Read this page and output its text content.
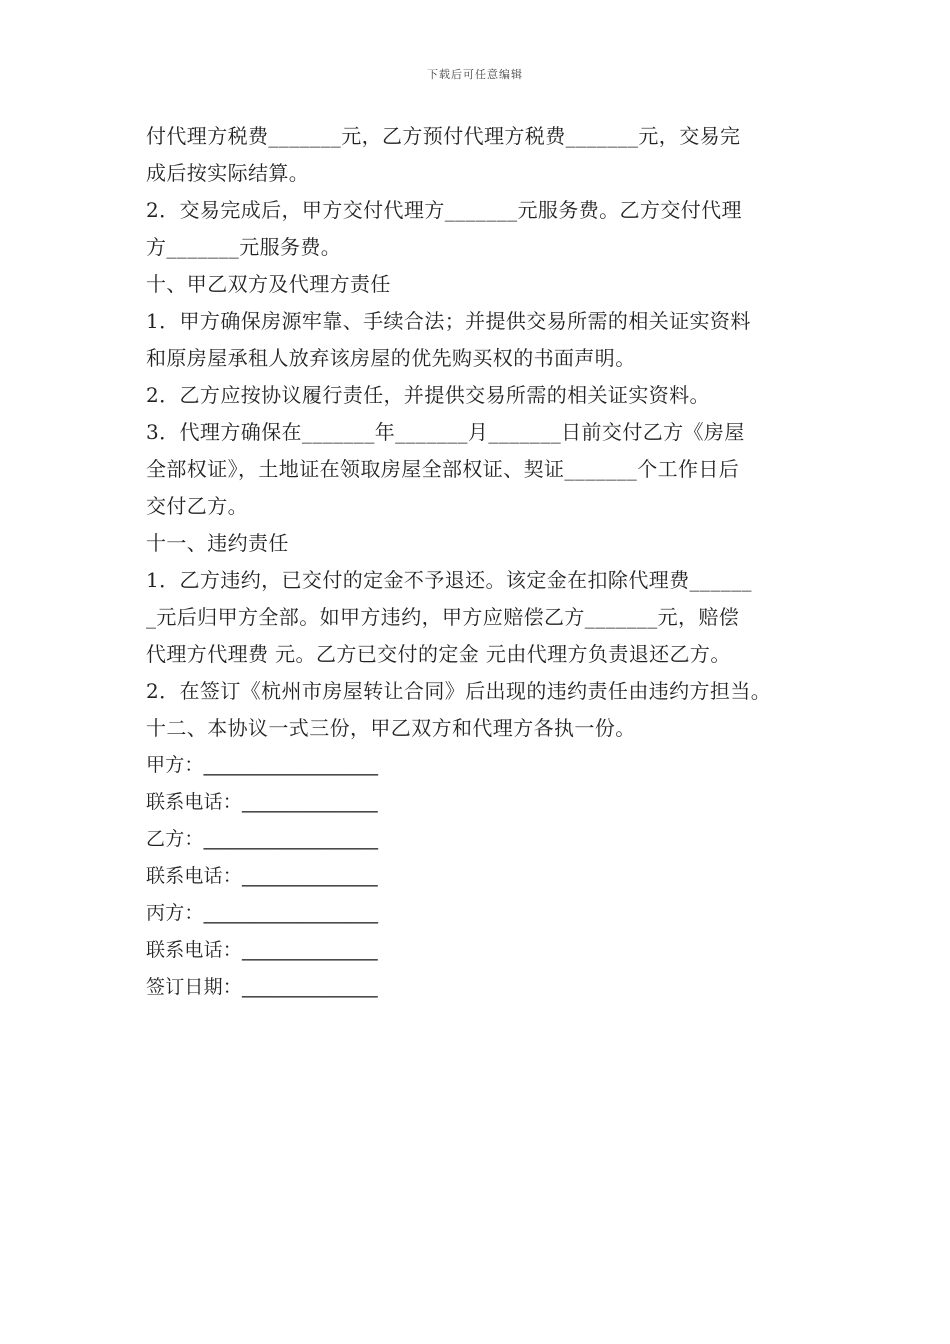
下载后可任意编辑
付代理方税费_______元，乙方预付代理方税费_______元，交易完
成后按实际结算。
2．交易完成后，甲方交付代理方_______元服务费。乙方交付代理
方_______元服务费。
十、甲乙双方及代理方责任
1．甲方确保房源牢靠、手续合法；并提供交易所需的相关证实资料
和原房屋承租人放弃该房屋的优先购买权的书面声明。
2．乙方应按协议履行责任，并提供交易所需的相关证实资料。
3．代理方确保在_______年_______月_______日前交付乙方《房屋
全部权证》，土地证在领取房屋全部权证、契证_______个工作日后
交付乙方。
十一、违约责任
1．乙方违约，已交付的定金不予退还。该定金在扣除代理费______
_元后归甲方全部。如甲方违约，甲方应赔偿乙方_______元，赔偿
代理方代理费 元。乙方已交付的定金 元由代理方负责退还乙方。
2．在签订《杭州市房屋转让合同》后出现的违约责任由违约方担当。
十二、本协议一式三份，甲乙双方和代理方各执一份。
甲方：__________________
联系电话：______________
乙方：__________________
联系电话：______________
丙方：__________________
联系电话：______________
签订日期：______________
